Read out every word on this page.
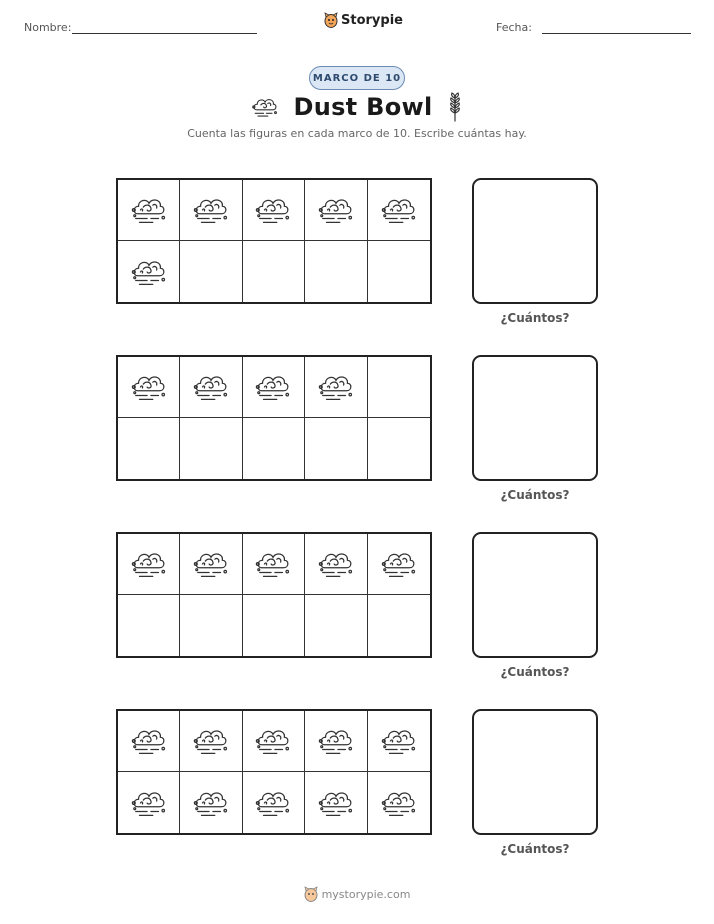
Nombre:	Storypie	Fecha:
MARCO DE 10
Dust Bowl

Cuenta las figuras en cada marco de 10. Escribe cuántas hay.

¿Cuántos?
¿Cuántos?
¿Cuántos?
¿Cuántos?
mystorypie.com
